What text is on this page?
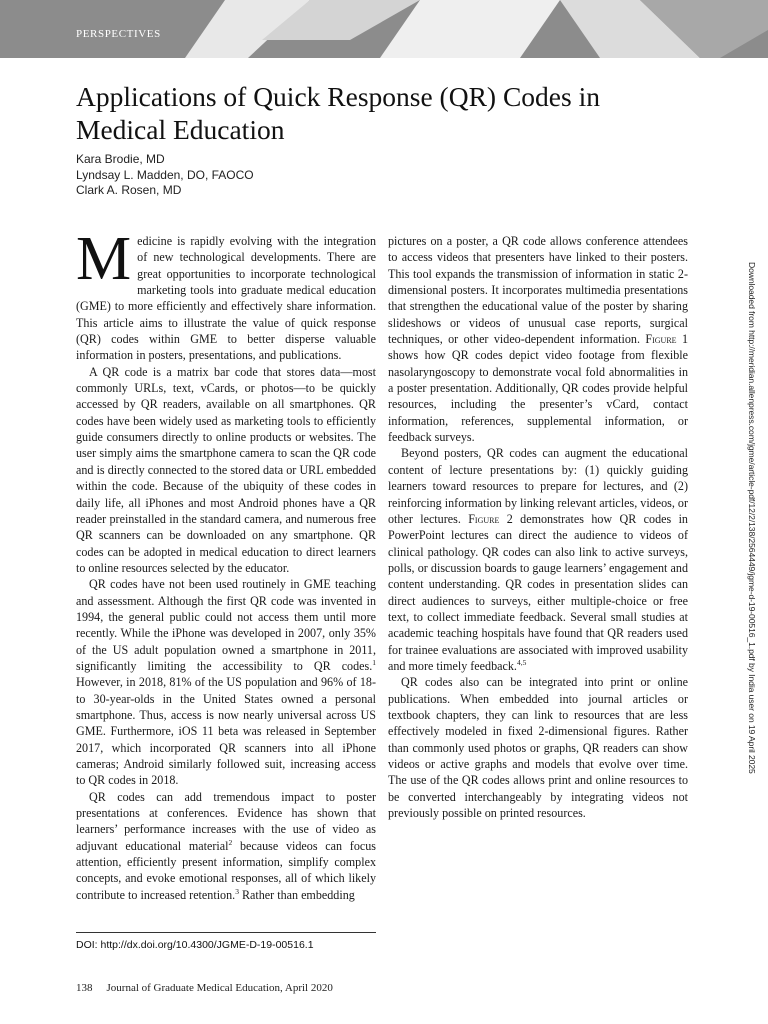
PERSPECTIVES
Applications of Quick Response (QR) Codes in Medical Education
Kara Brodie, MD
Lyndsay L. Madden, DO, FAOCO
Clark A. Rosen, MD

Medicine is rapidly evolving with the integration of new technological developments. There are great opportunities to incorporate technological marketing tools into graduate medical education (GME) to more efficiently and effectively share information. This article aims to illustrate the value of quick response (QR) codes within GME to better disperse valuable information in posters, presentations, and publications.

A QR code is a matrix bar code that stores data—most commonly URLs, text, vCards, or photos—to be quickly accessed by QR readers, available on all smartphones. QR codes have been widely used as marketing tools to efficiently guide consumers directly to online products or websites. The user simply aims the smartphone camera to scan the QR code and is directly connected to the stored data or URL embedded within the code. Because of the ubiquity of these codes in daily life, all iPhones and most Android phones have a QR reader preinstalled in the standard camera, and numerous free QR scanners can be downloaded on any smartphone. QR codes can be adopted in medical education to direct learners to online resources selected by the educator.

QR codes have not been used routinely in GME teaching and assessment. Although the first QR code was invented in 1994, the general public could not access them until more recently. While the iPhone was developed in 2007, only 35% of the US adult population owned a smartphone in 2011, significantly limiting the accessibility to QR codes.$^1$ However, in 2018, 81% of the US population and 96% of 18- to 30-year-olds in the United States owned a personal smartphone. Thus, access is now nearly universal across US GME. Furthermore, iOS 11 beta was released in September 2017, which incorporated QR scanners into all iPhone cameras; Android similarly followed suit, increasing access to QR codes in 2018.

QR codes can add tremendous impact to poster presentations at conferences. Evidence has shown that learners’ performance increases with the use of video as adjuvant educational material$^2$ because videos can focus attention, efficiently present information, simplify complex concepts, and evoke emotional responses, all of which likely contribute to increased retention.$^3$ Rather than embedding

pictures on a poster, a QR code allows conference attendees to access videos that presenters have linked to their posters. This tool expands the transmission of information in static 2-dimensional posters. It incorporates multimedia presentations that strengthen the educational value of the poster by sharing slideshows or videos of unusual case reports, surgical techniques, or other video-dependent information. Figure 1 shows how QR codes depict video footage from flexible nasolaryngoscopy to demonstrate vocal fold abnormalities in a poster presentation. Additionally, QR codes provide helpful resources, including the presenter’s vCard, contact information, references, supplemental information, or feedback surveys.

Beyond posters, QR codes can augment the educational content of lecture presentations by: (1) quickly guiding learners toward resources to prepare for lectures, and (2) reinforcing information by linking relevant articles, videos, or other lectures. Figure 2 demonstrates how QR codes in PowerPoint lectures can direct the audience to videos of clinical pathology. QR codes can also link to active surveys, polls, or discussion boards to gauge learners’ engagement and content understanding. QR codes in presentation slides can direct audiences to surveys, either multiple-choice or free text, to collect immediate feedback. Several small studies at academic teaching hospitals have found that QR readers used for trainee evaluations are associated with improved usability and more timely feedback.$^{4,5}$

QR codes also can be integrated into print or online publications. When embedded into journal articles or textbook chapters, they can link to resources that are less effectively modeled in fixed 2-dimensional figures. Rather than commonly used photos or graphs, QR readers can show videos or active graphs and models that evolve over time. The use of the QR codes allows print and online resources to be converted interchangeably by integrating videos not previously possible on printed resources.

DOI: http://dx.doi.org/10.4300/JGME-D-19-00516.1
138 Journal of Graduate Medical Education, April 2020
Downloaded from http://meridian.allenpress.com/jgme/article-pdf/12/2/138/2564449/jgme-d-19-00516_1.pdf by India user on 19 April 2025
